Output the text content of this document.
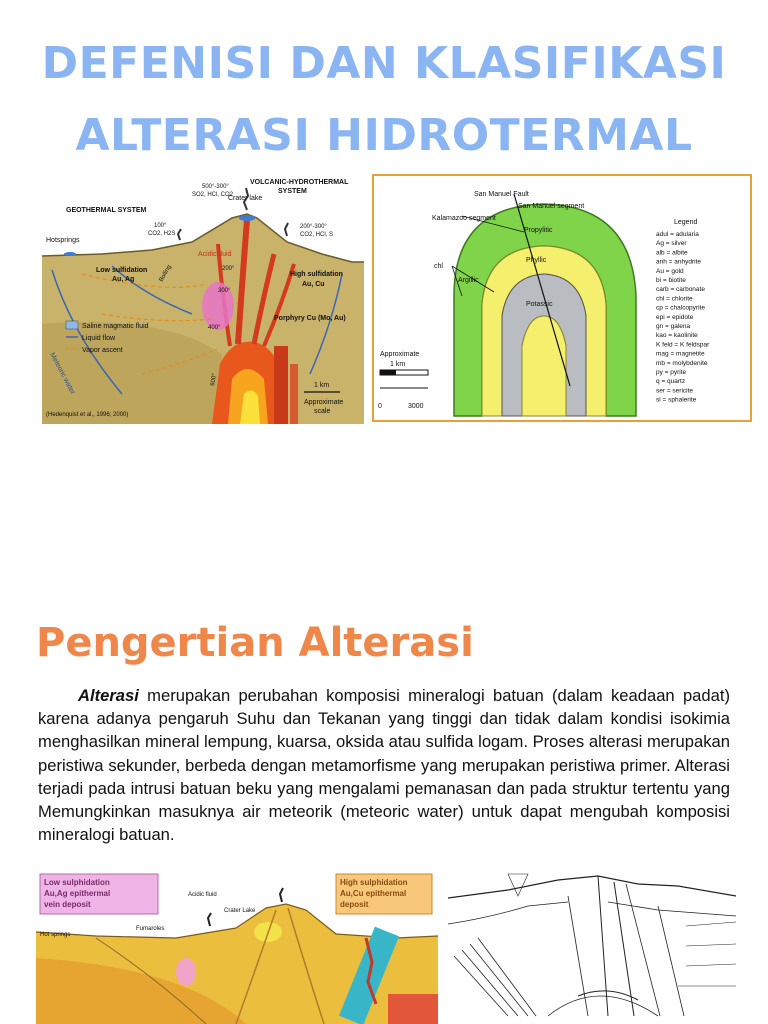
DEFENISI DAN KLASIFIKASI
ALTERASI HIDROTERMAL
GEOTHERMAL SYSTEM
VOLCANIC-HYDROTHERMAL
SYSTEM
500°-300°
SO2, HCl, CO2
Crater lake
100°
CO2, H2S
200°-300°
CO2, HCl, S
Hotsprings
Acidic fluid
Low sulfidation
Au, Ag
High sulfidation
Au, Cu
Boiling	200°
300°
400°
600°
Porphyry Cu (Mo, Au)
Saline magmatic fluid
Liquid flow
Vapor ascent
Meteoric water	1 km
Approximate
scale
(Hedenquist et al., 1996; 2000)
San Manuel Fault
San Manuel segment
Kalamazoo segment
Propylitic
Phyllic
Argillic
Potassic
chl
Approximate
1 km
0	3000
Legend
adul = adularia
Ag = silver
alb = albite
anh = anhydrite
Au = gold
bi = biotite
carb = carbonate
chl = chlorite
cp = chalcopyrite
epi = epidote
gn = galena
kao = kaolinite
K feld = K feldspar
mag = magnetite
mb = molybdenite
py = pyrite
q = quartz
ser = sericite
sl = sphalerite
Pengertian Alterasi
Alterasi merupakan perubahan komposisi mineralogi batuan (dalam keadaan padat) karena adanya pengaruh Suhu dan Tekanan yang tinggi dan tidak dalam kondisi isokimia menghasilkan mineral lempung, kuarsa, oksida atau sulfida logam. Proses alterasi merupakan peristiwa sekunder, berbeda dengan metamorfisme yang merupakan peristiwa primer. Alterasi terjadi pada intrusi batuan beku yang mengalami pemanasan dan pada struktur tertentu yang Memungkinkan masuknya air meteorik (meteoric water) untuk dapat mengubah komposisi mineralogi batuan.
Low sulphidation
Au,Ag epithermal
vein deposit
High sulphidation
Au,Cu epithermal
deposit
Crater Lake
Acidic fluid
Fumaroles
Hot springs
